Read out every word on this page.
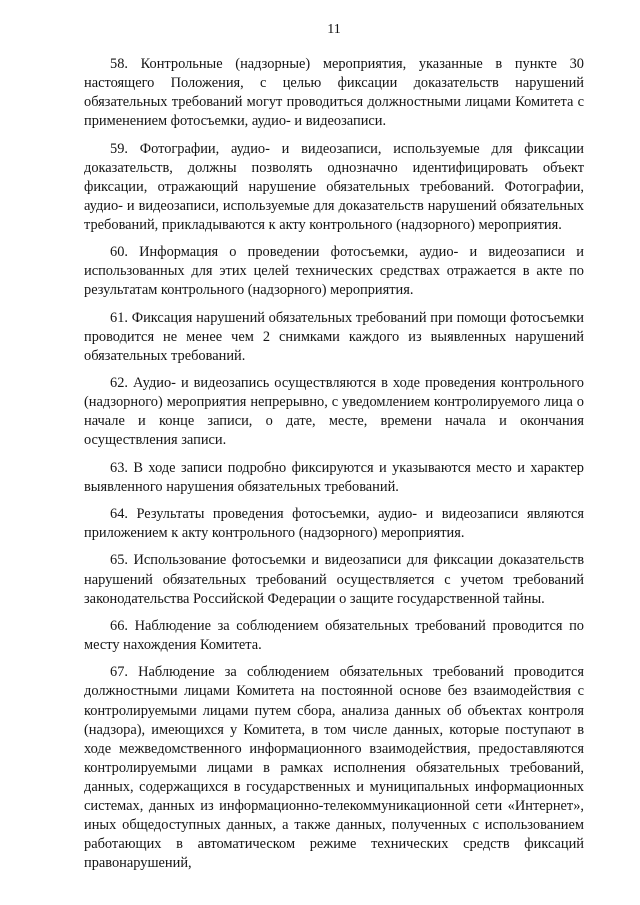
11

58. Контрольные (надзорные) мероприятия, указанные в пункте 30 настоящего Положения, с целью фиксации доказательств нарушений обязательных требований могут проводиться должностными лицами Комитета с применением фотосъемки, аудио- и видеозаписи.

59. Фотографии, аудио- и видеозаписи, используемые для фиксации доказательств, должны позволять однозначно идентифицировать объект фиксации, отражающий нарушение обязательных требований. Фотографии, аудио- и видеозаписи, используемые для доказательств нарушений обязательных требований, прикладываются к акту контрольного (надзорного) мероприятия.

60. Информация о проведении фотосъемки, аудио- и видеозаписи и использованных для этих целей технических средствах отражается в акте по результатам контрольного (надзорного) мероприятия.

61. Фиксация нарушений обязательных требований при помощи фотосъемки проводится не менее чем 2 снимками каждого из выявленных нарушений обязательных требований.

62. Аудио- и видеозапись осуществляются в ходе проведения контрольного (надзорного) мероприятия непрерывно, с уведомлением контролируемого лица о начале и конце записи, о дате, месте, времени начала и окончания осуществления записи.

63. В ходе записи подробно фиксируются и указываются место и характер выявленного нарушения обязательных требований.

64. Результаты проведения фотосъемки, аудио- и видеозаписи являются приложением к акту контрольного (надзорного) мероприятия.

65. Использование фотосъемки и видеозаписи для фиксации доказательств нарушений обязательных требований осуществляется с учетом требований законодательства Российской Федерации о защите государственной тайны.

66. Наблюдение за соблюдением обязательных требований проводится по месту нахождения Комитета.

67. Наблюдение за соблюдением обязательных требований проводится должностными лицами Комитета на постоянной основе без взаимодействия с контролируемыми лицами путем сбора, анализа данных об объектах контроля (надзора), имеющихся у Комитета, в том числе данных, которые поступают в ходе межведомственного информационного взаимодействия, предоставляются контролируемыми лицами в рамках исполнения обязательных требований, данных, содержащихся в государственных и муниципальных информационных системах, данных из информационно-телекоммуникационной сети «Интернет», иных общедоступных данных, а также данных, полученных с использованием работающих в автоматическом режиме технических средств фиксаций правонарушений,
